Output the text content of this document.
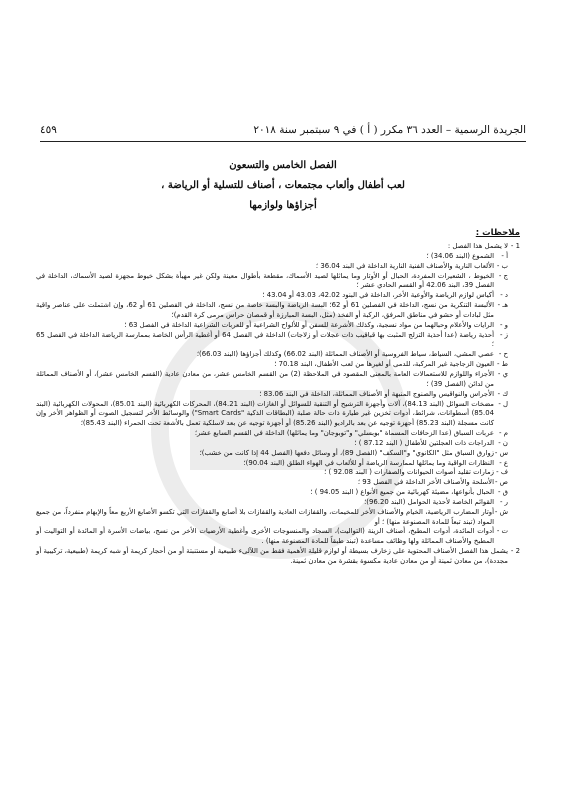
الجريدة الرسمية – العدد ٣٦ مكرر ( أ ) في ٩ سبتمبر سنة ٢٠١٨
٤٥٩
الفصل الخامس والتسعون
لعب أطفال وألعاب مجتمعات ، أصناف للتسلية أو الرياضة ،
أجزاؤها ولوازمها
ملاحظات :
1 -
لا يشمل هذا الفصل :
أ -
الشموع (البند 34.06) ؛
ب -
الألعاب النارية والأصناف الفنية النارية الداخلة في البند 36.04 ؛
ج -
الخيوط ، الشعيرات المفردة، الحبال أو الأوتار وما يماثلها لصيد الأسماك، مقطعة بأطوال معينة ولكن غير مهيأة بشكل خيوط مجهزة لصيد الأسماك، الداخلة في الفصل 39، البند 42.06 أو القسم الحادي عشر ؛
د -
أكياس لوازم الرياضة والأوعية الأخر، الداخلة في البنود 42.02، 43.03 أو 43.04 ؛
هـ -
الألبسة التنكرية من نسج، الداخلة في الفصلين 61 أو 62؛ البسة الرياضة والبسة خاصة من نسج، الداخلة في الفصلين 61 أو 62، وإن اشتملت على عناصر واقية مثل لبادات أو حشو في مناطق المرفق، الركبة أو الفخذ (مثل، البسة المبارزة أو قمصان حراس مرمى كرة القدم)؛
و -
الرايات والأعلام وحبالهما من مواد نسجية، وكذلك الأشرعة للسفن أو للألواح الشراعية أو للعربات الشراعية الداخلة في الفصل 63 ؛
ز -
أحذية رياضة (عدا أحذية التزلج المثبت بها قباقيب ذات عجلات أو زلاجات) الداخلة في الفصل 64 أو أغطية الرأس الخاصة بممارسة الرياضة الداخلة في الفصل 65 ؛
ح -
عصي المشي، السياط، سياط الفروسية أو الأصناف المماثلة (البند 66.02) وكذلك أجزاؤها (البند 66.03)؛
ط -
العيون الزجاجية غير المركبة، للدمى أو لغيرها من لعب الأطفال، البند 70.18 ؛
ي -
الأجزاء واللوازم للاستعمالات العامة بالمعنى المقصود في الملاحظة (2) من القسم الخامس عشر، من معادن عادية (القسم الخامس عشر)، أو الأصناف المماثلة من لدائن (الفصل 39) ؛
ك -
الأجراس والنواقيس والصنوج المنبهة أو الأصناف المماثلة، الداخلة في البند 83.06 ؛
ل -
مضخات السوائل (البند 84.13)، آلات وأجهزة الترشيح أو التنقية للسوائل أو الغازات (البند 84.21)، المحركات الكهربائية (البند 85.01)، المحولات الكهربائية (البند 85.04) أسطوانات، شرائط، أدوات تخزين غير طيارة ذات حالة صلبة (البطاقات الذكية "Smart Cards") والوسائط الأخر لتسجيل الصوت أو الظواهر الأخر وإن كانت مسجلة (البند 85.23) أجهزة توجيه عن بعد بالراديو (البند 85.26) أو أجهزة توجيه عن بعد لاسلكية تعمل بالأشعة تحت الحمراء (البند 85.43)؛
م -
عربات السباق (عدا الزحافات المسماة "بوبسلي" و"توبوجان" وما يماثلها) الداخلة في القسم السابع عشر؛
ن -
الدراجات ذات العجلتين للأطفال ( البند 87.12 ) ؛
س -
زوارق السباق مثل "الكانوي" و"السكف" (الفصل 89)، أو وسائل دفعها (الفصل 44 إذا كانت من خشب)؛
ع -
النظارات الواقية وما يماثلها لممارسة الرياضة أو للألعاب في الهواء الطلق (البند 90.04)؛
ف -
زمارات تقليد أصوات الحيوانات والصفارات ( البند 92.08 ) ؛
ص -
الأسلحة والأصناف الأخر الداخلة في الفصل 93 ؛
ق -
الحبال بأنواعها، مضيئة كهربائية من جميع الأنواع ( البند 94.05 ) ؛
ر -
القوائم الخاصة لأحذية الحوامل (البند 96.20)؛
ش -
أوتار المضارب الرياضية، الخيام والأصناف الأخر للمخيمات، والقفازات العادية والقفازات بلا أصابع والقفازات التي تكسو الأصابع الأربع معاً والإبهام منفرداً، من جميع المواد (تبند تبعاً للمادة المصنوعة منها) ؛ أو
ت -
أدوات المائدة، أدوات المطبخ، أصناف الزينة (التواليت)، السجاد والمنسوجات الأخرى وأغطية الأرضيات الأخر من نسج، بياضات الأسرة أو المائدة أو التواليت أو المطبخ والأصناف المماثلة ولها وظائف مساعدة (تبند طبقاً للمادة المصنوعة منها) .
2 -
يشمل هذا الفصل الأصناف المحتوية على زخارف بسيطة أو لوازم قليلة الأهمية فقط من اللآلىء طبيعية أو مستنبتة أو من أحجار كريمة أو شبه كريمة (طبيعية، تركيبية أو مجددة)، من معادن ثمينة أو من معادن عادية مكسوة بقشرة من معادن ثمينة.
